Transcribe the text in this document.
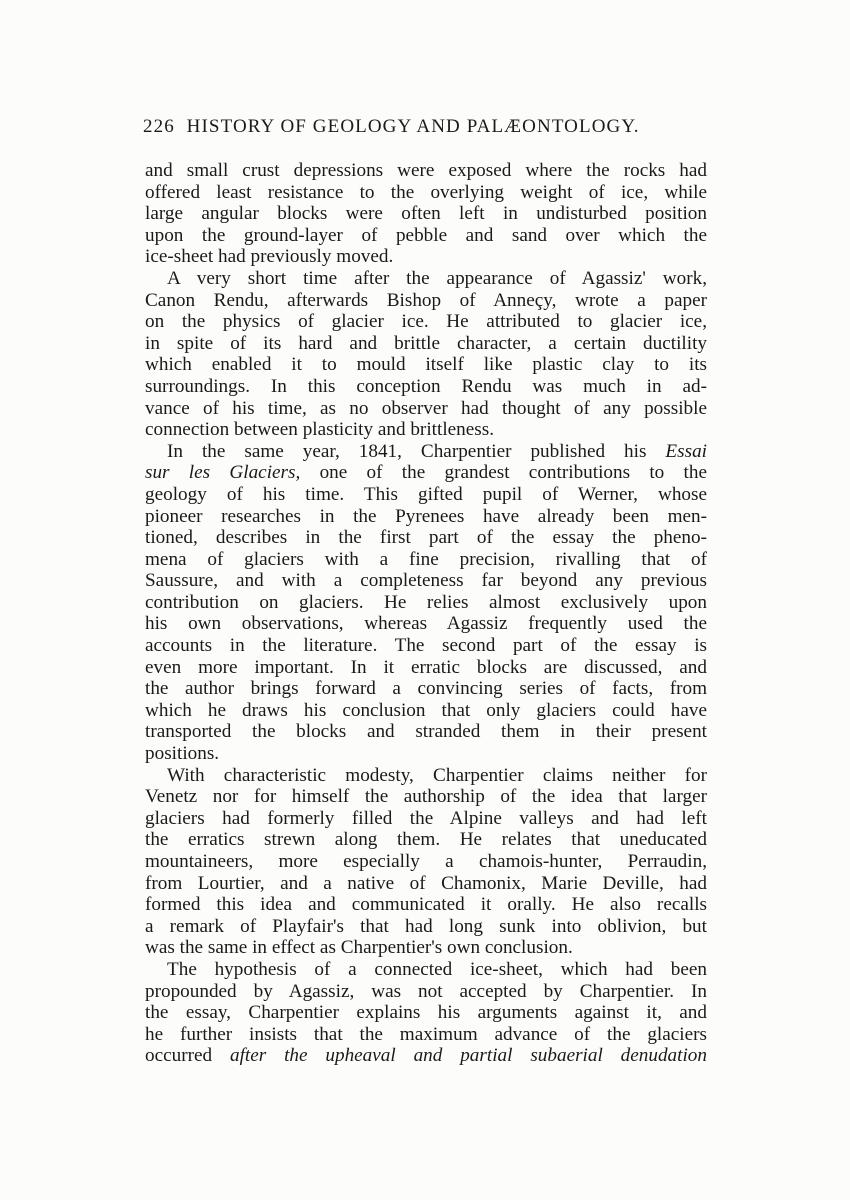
226 HISTORY OF GEOLOGY AND PALÆONTOLOGY.

and small crust depressions were exposed where the rocks had

offered least resistance to the overlying weight of ice, while

large angular blocks were often left in undisturbed position

upon the ground-layer of pebble and sand over which the

ice-sheet had previously moved.

A very short time after the appearance of Agassiz' work,

Canon Rendu, afterwards Bishop of Anneçy, wrote a paper

on the physics of glacier ice. He attributed to glacier ice,

in spite of its hard and brittle character, a certain ductility

which enabled it to mould itself like plastic clay to its

surroundings. In this conception Rendu was much in ad-

vance of his time, as no observer had thought of any possible

connection between plasticity and brittleness.

In the same year, 1841, Charpentier published his Essai

sur les Glaciers, one of the grandest contributions to the

geology of his time. This gifted pupil of Werner, whose

pioneer researches in the Pyrenees have already been men-

tioned, describes in the first part of the essay the pheno-

mena of glaciers with a fine precision, rivalling that of

Saussure, and with a completeness far beyond any previous

contribution on glaciers. He relies almost exclusively upon

his own observations, whereas Agassiz frequently used the

accounts in the literature. The second part of the essay is

even more important. In it erratic blocks are discussed, and

the author brings forward a convincing series of facts, from

which he draws his conclusion that only glaciers could have

transported the blocks and stranded them in their present

positions.

With characteristic modesty, Charpentier claims neither for

Venetz nor for himself the authorship of the idea that larger

glaciers had formerly filled the Alpine valleys and had left

the erratics strewn along them. He relates that uneducated

mountaineers, more especially a chamois-hunter, Perraudin,

from Lourtier, and a native of Chamonix, Marie Deville, had

formed this idea and communicated it orally. He also recalls

a remark of Playfair's that had long sunk into oblivion, but

was the same in effect as Charpentier's own conclusion.

The hypothesis of a connected ice-sheet, which had been

propounded by Agassiz, was not accepted by Charpentier. In

the essay, Charpentier explains his arguments against it, and

he further insists that the maximum advance of the glaciers

occurred after the upheaval and partial subaerial denudation
